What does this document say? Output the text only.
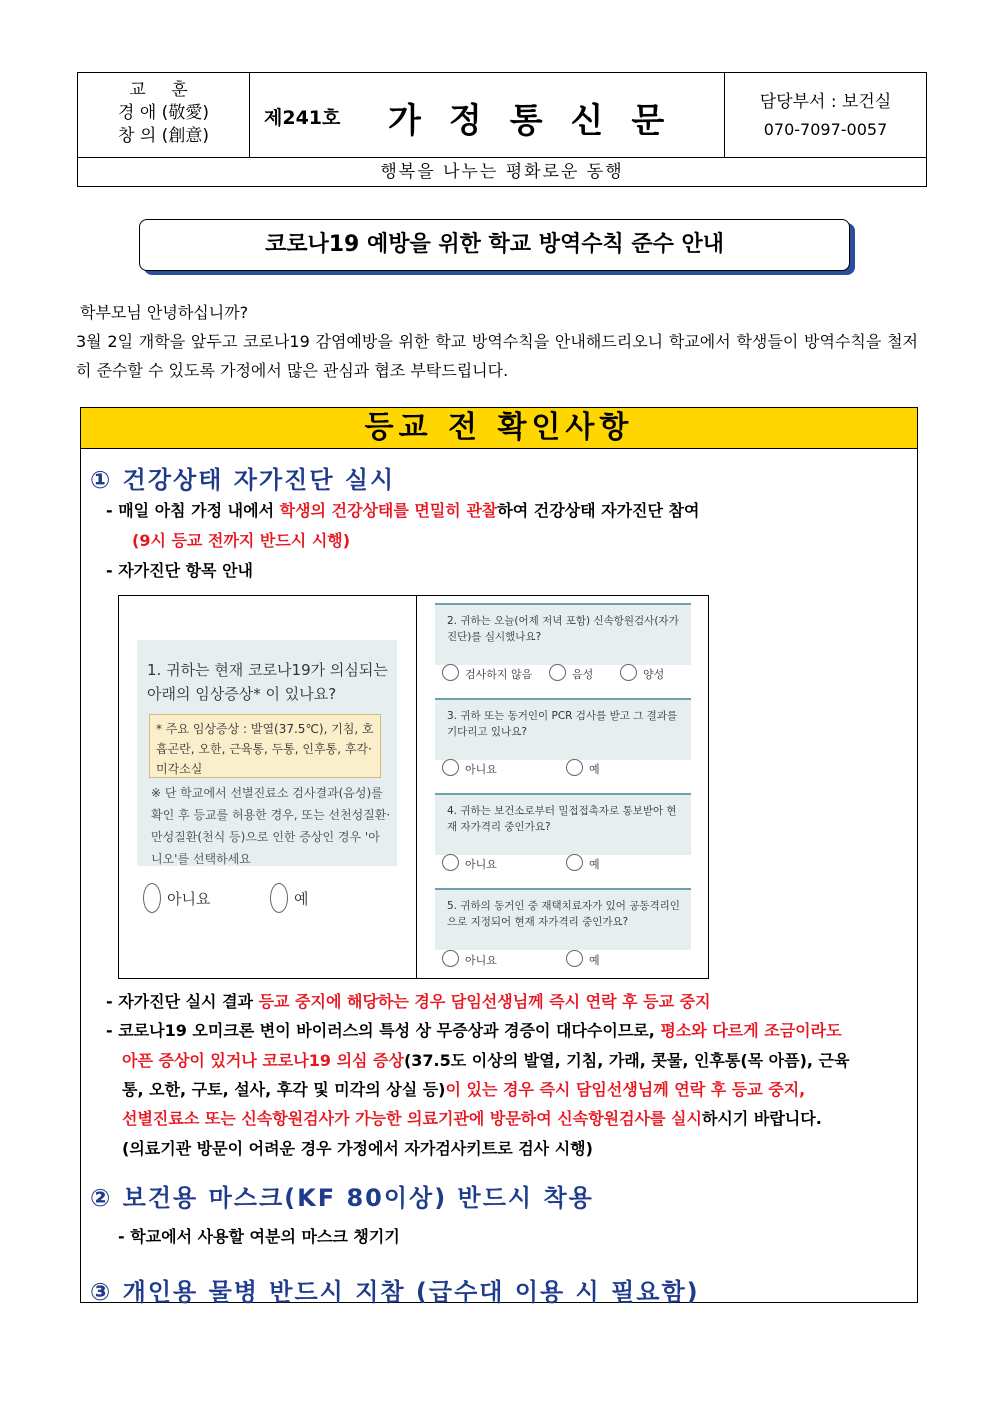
교 훈
경 애 (敬愛)
창 의 (創意)
제241호 가정통신문	담당부서 : 보건실
070-7097-0057
행복을 나누는 평화로운 동행
코로나19 예방을 위한 학교 방역수칙 준수 안내
학부모님 안녕하십니까?
3월 2일 개학을 앞두고 코로나19 감염예방을 위한 학교 방역수칙을 안내해드리오니 학교에서 학생들이 방역수칙을 철저히 준수할 수 있도록 가정에서 많은 관심과 협조 부탁드립니다.
등교 전 확인사항
① 건강상태 자가진단 실시
- 매일 아침 가정 내에서 학생의 건강상태를 면밀히 관찰하여 건강상태 자가진단 참여
(9시 등교 전까지 반드시 시행)
- 자가진단 항목 안내
1. 귀하는 현재 코로나19가 의심되는 아래의 임상증상* 이 있나요?
* 주요 임상증상 : 발열(37.5℃), 기침, 호흡곤란, 오한, 근육통, 두통, 인후통, 후각·미각소실
※ 단 학교에서 선별진료소 검사결과(음성)를 확인 후 등교를 허용한 경우, 또는 선천성질환·만성질환(천식 등)으로 인한 증상인 경우 '아니오'를 선택하세요
아니요	예
2. 귀하는 오늘(어제 저녁 포함) 신속항원검사(자가진단)를 실시했나요?
검사하지 않음	음성	양성
3. 귀하 또는 동거인이 PCR 검사를 받고 그 결과를 기다리고 있나요?
아니요	예
4. 귀하는 보건소로부터 밀접접촉자로 통보받아 현재 자가격리 중인가요?
아니요	예
5. 귀하의 동거인 중 재택치료자가 있어 공동격리인으로 지정되어 현재 자가격리 중인가요?
아니요	예
- 자가진단 실시 결과 등교 중지에 해당하는 경우 담임선생님께 즉시 연락 후 등교 중지
- 코로나19 오미크론 변이 바이러스의 특성 상 무증상과 경증이 대다수이므로, 평소와 다르게 조금이라도
아픈 증상이 있거나 코로나19 의심 증상(37.5도 이상의 발열, 기침, 가래, 콧물, 인후통(목 아픔), 근육
통, 오한, 구토, 설사, 후각 및 미각의 상실 등)이 있는 경우 즉시 담임선생님께 연락 후 등교 중지,
선별진료소 또는 신속항원검사가 가능한 의료기관에 방문하여 신속항원검사를 실시하시기 바랍니다.
(의료기관 방문이 어려운 경우 가정에서 자가검사키트로 검사 시행)
② 보건용 마스크(KF 80이상) 반드시 착용
- 학교에서 사용할 여분의 마스크 챙기기
③ 개인용 물병 반드시 지참 (급수대 이용 시 필요함)
